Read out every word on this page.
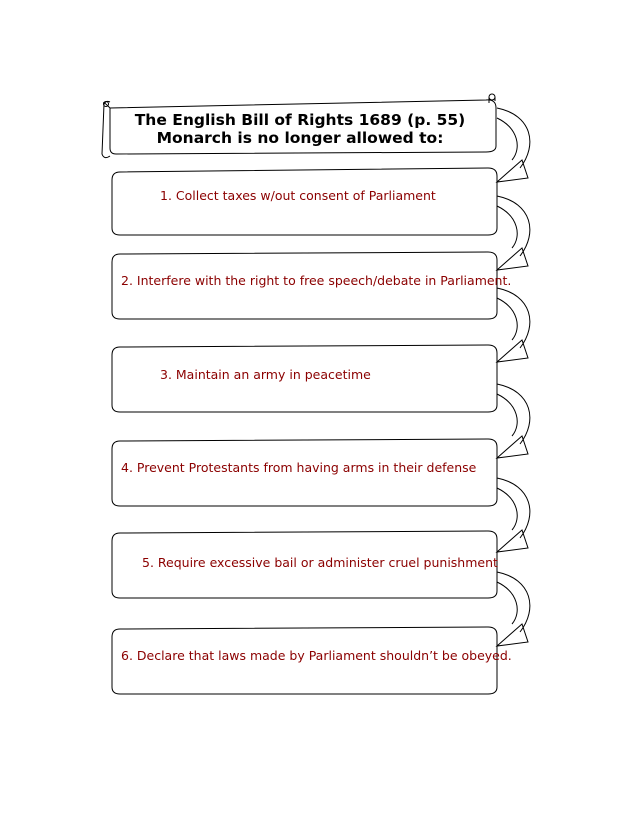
The English Bill of Rights 1689 (p. 55)
Monarch is no longer allowed to:
1. Collect taxes w/out consent of Parliament
2. Interfere with the right to free speech/debate in Parliament.
3. Maintain an army in peacetime
4. Prevent Protestants from having arms in their defense
5. Require excessive bail or administer cruel punishment
6. Declare that laws made by Parliament shouldn’t be obeyed.
